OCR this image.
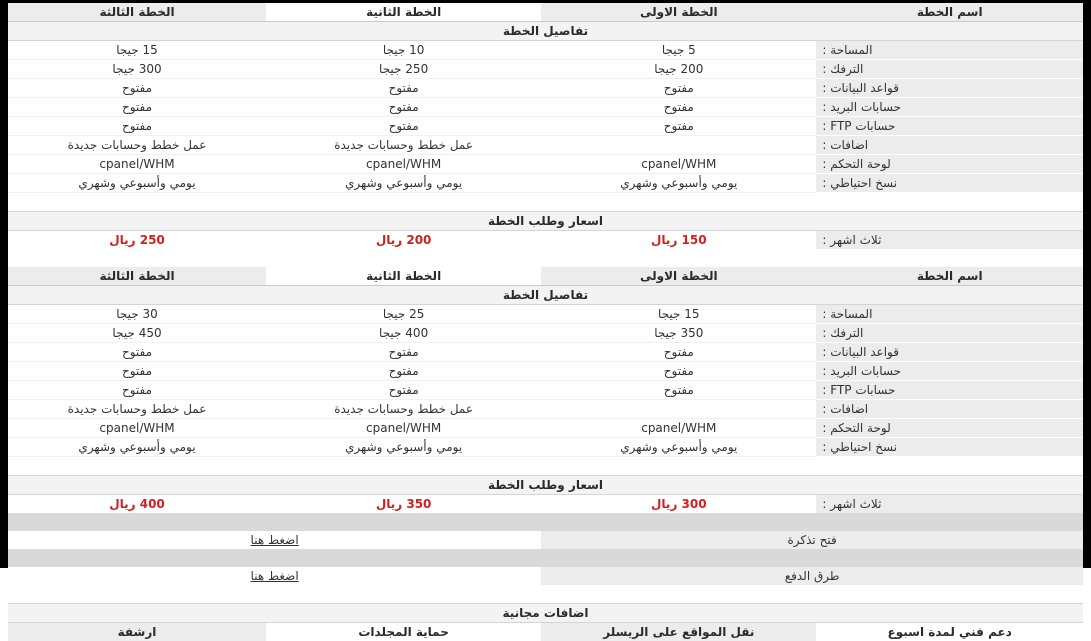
اسم الخطة	الخطة الاولى	الخطة الثانية	الخطة الثالثة
تفاصيل الخطة			
المساحة :	5 جيجا	10 جيجا	15 جيجا
الترفك :	200 جيجا	250 جيجا	300 جيجا
قواعد البيانات :	مفتوح	مفتوح	مفتوح
حسابات البريد :	مفتوح	مفتوح	مفتوح
حسابات FTP :	مفتوح	مفتوح	مفتوح
اضافات :		عمل خطط وحسابات جديدة	عمل خطط وحسابات جديدة
لوحة التحكم :	cpanel/WHM	cpanel/WHM	cpanel/WHM
نسخ احتياطي :	يومي وأسبوعي وشهري	يومي وأسبوعي وشهري	يومي وأسبوعي وشهري

اسعار وطلب الخطة			
ثلاث اشهر :	150 ريال	200 ريال	250 ريال

اسم الخطة	الخطة الاولى	الخطة الثانية	الخطة الثالثة
تفاصيل الخطة			
المساحة :	15 جيجا	25 جيجا	30 جيجا
الترفك :	350 جيجا	400 جيجا	450 جيجا
قواعد البيانات :	مفتوح	مفتوح	مفتوح
حسابات البريد :	مفتوح	مفتوح	مفتوح
حسابات FTP :	مفتوح	مفتوح	مفتوح
اضافات :		عمل خطط وحسابات جديدة	عمل خطط وحسابات جديدة
لوحة التحكم :	cpanel/WHM	cpanel/WHM	cpanel/WHM
نسخ احتياطي :	يومي وأسبوعي وشهري	يومي وأسبوعي وشهري	يومي وأسبوعي وشهري

اسعار وطلب الخطة			
ثلاث اشهر :	300 ريال	350 ريال	400 ريال

فتح تذكرة		اضغط هنا	

طرق الدفع		اضغط هنا	

اضافات مجانية			
دعم فني لمدة اسبوع	نقل المواقع على الريسلر	حماية المجلدات	ارشفة
